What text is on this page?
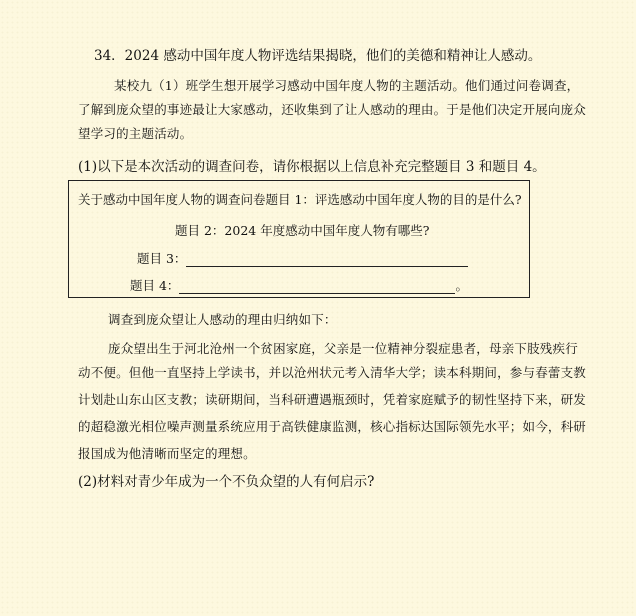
34．2024 感动中国年度人物评选结果揭晓，他们的美德和精神让人感动。
某校九（1）班学生想开展学习感动中国年度人物的主题活动。他们通过问卷调查，
了解到庞众望的事迹最让大家感动，还收集到了让人感动的理由。于是他们决定开展向庞众
望学习的主题活动。
(1)以下是本次活动的调查问卷，请你根据以上信息补充完整题目 3 和题目 4。
关于感动中国年度人物的调查问卷题目 1：评选感动中国年度人物的目的是什么?
题目 2：2024 年度感动中国年度人物有哪些?
题目 3：
题目 4：	。
调查到庞众望让人感动的理由归纳如下：
庞众望出生于河北沧州一个贫困家庭，父亲是一位精神分裂症患者，母亲下肢残疾行
动不便。但他一直坚持上学读书，并以沧州状元考入清华大学；读本科期间，参与春蕾支教
计划赴山东山区支教；读研期间，当科研遭遇瓶颈时，凭着家庭赋予的韧性坚持下来，研发
的超稳激光相位噪声测量系统应用于高铁健康监测，核心指标达国际领先水平；如今，科研
报国成为他清晰而坚定的理想。
(2)材料对青少年成为一个不负众望的人有何启示?
